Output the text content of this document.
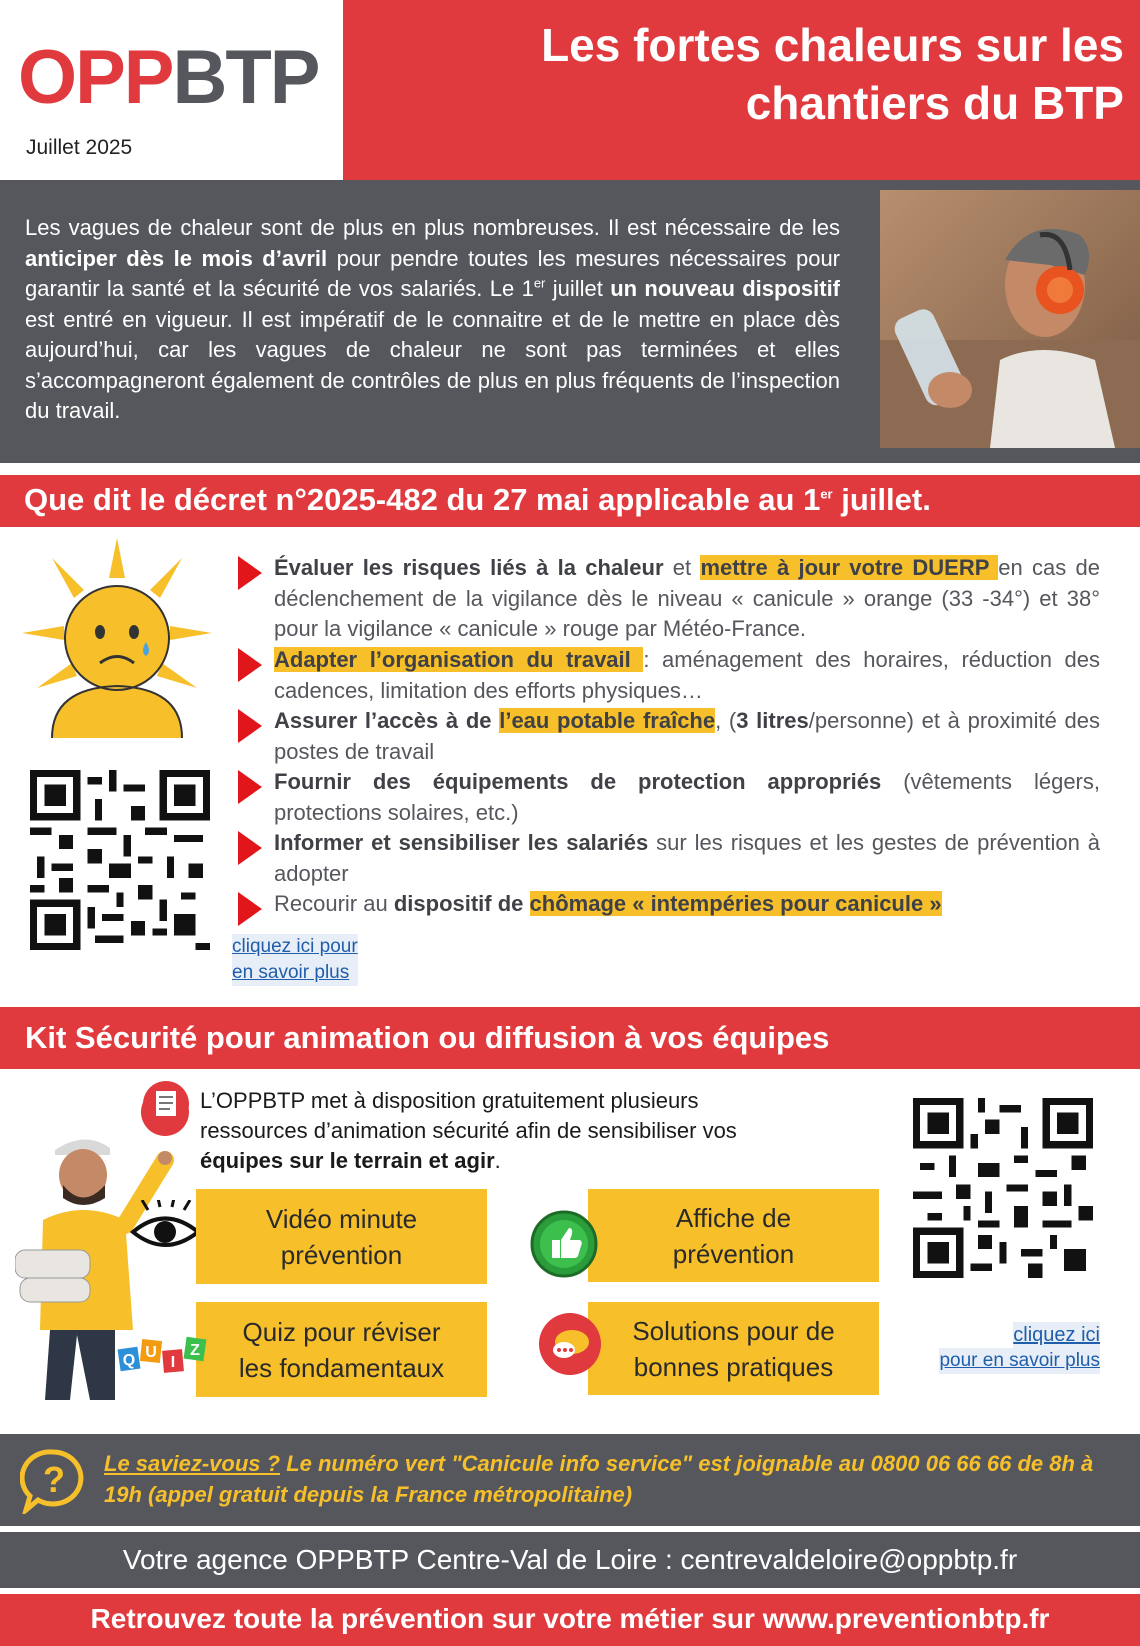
OPPBTP
Juillet 2025
Les fortes chaleurs sur les
chantiers du BTP
Les vagues de chaleur sont de plus en plus nombreuses. Il est nécessaire de les anticiper dès le mois d’avril pour pendre toutes les mesures nécessaires pour garantir la santé et la sécurité de vos salariés. Le 1er juillet un nouveau dispositif est entré en vigueur. Il est impératif de le connaitre et de le mettre en place dès aujourd’hui, car les vagues de chaleur ne sont pas terminées et elles s’accompagneront également de contrôles de plus en plus fréquents de l’inspection du travail.
Que dit le décret n°2025-482 du 27 mai applicable au 1er juillet.
Évaluer les risques liés à la chaleur et mettre à jour votre DUERP en cas de déclenchement de la vigilance dès le niveau « canicule » orange (33 -34°) et 38° pour la vigilance « canicule » rouge par Météo-France.
Adapter l’organisation du travail : aménagement des horaires, réduction des cadences, limitation des efforts physiques…
Assurer l’accès à de l’eau potable fraîche, (3 litres/personne) et à proximité des postes de travail
Fournir des équipements de protection appropriés (vêtements légers, protections solaires, etc.)
Informer et sensibiliser les salariés sur les risques et les gestes de prévention à adopter
Recourir au dispositif de chômage « intempéries pour canicule »
cliquez ici pour
en savoir plus
Kit Sécurité pour animation ou diffusion à vos équipes
L’OPPBTP met à disposition gratuitement plusieurs ressources d’animation sécurité afin de sensibiliser vos équipes sur le terrain et agir.
Vidéo minute
prévention
Affiche de
prévention
Quiz pour réviser
les fondamentaux
Solutions pour de
bonnes pratiques
Q U
I
Z
cliquez ici
pour en savoir plus
? Le saviez-vous ? Le numéro vert "Canicule info service" est joignable au 0800 06 66 66 de 8h à 19h (appel gratuit depuis la France métropolitaine)
Votre agence OPPBTP Centre-Val de Loire : centrevaldeloire@oppbtp.fr
Retrouvez toute la prévention sur votre métier sur www.preventionbtp.fr
